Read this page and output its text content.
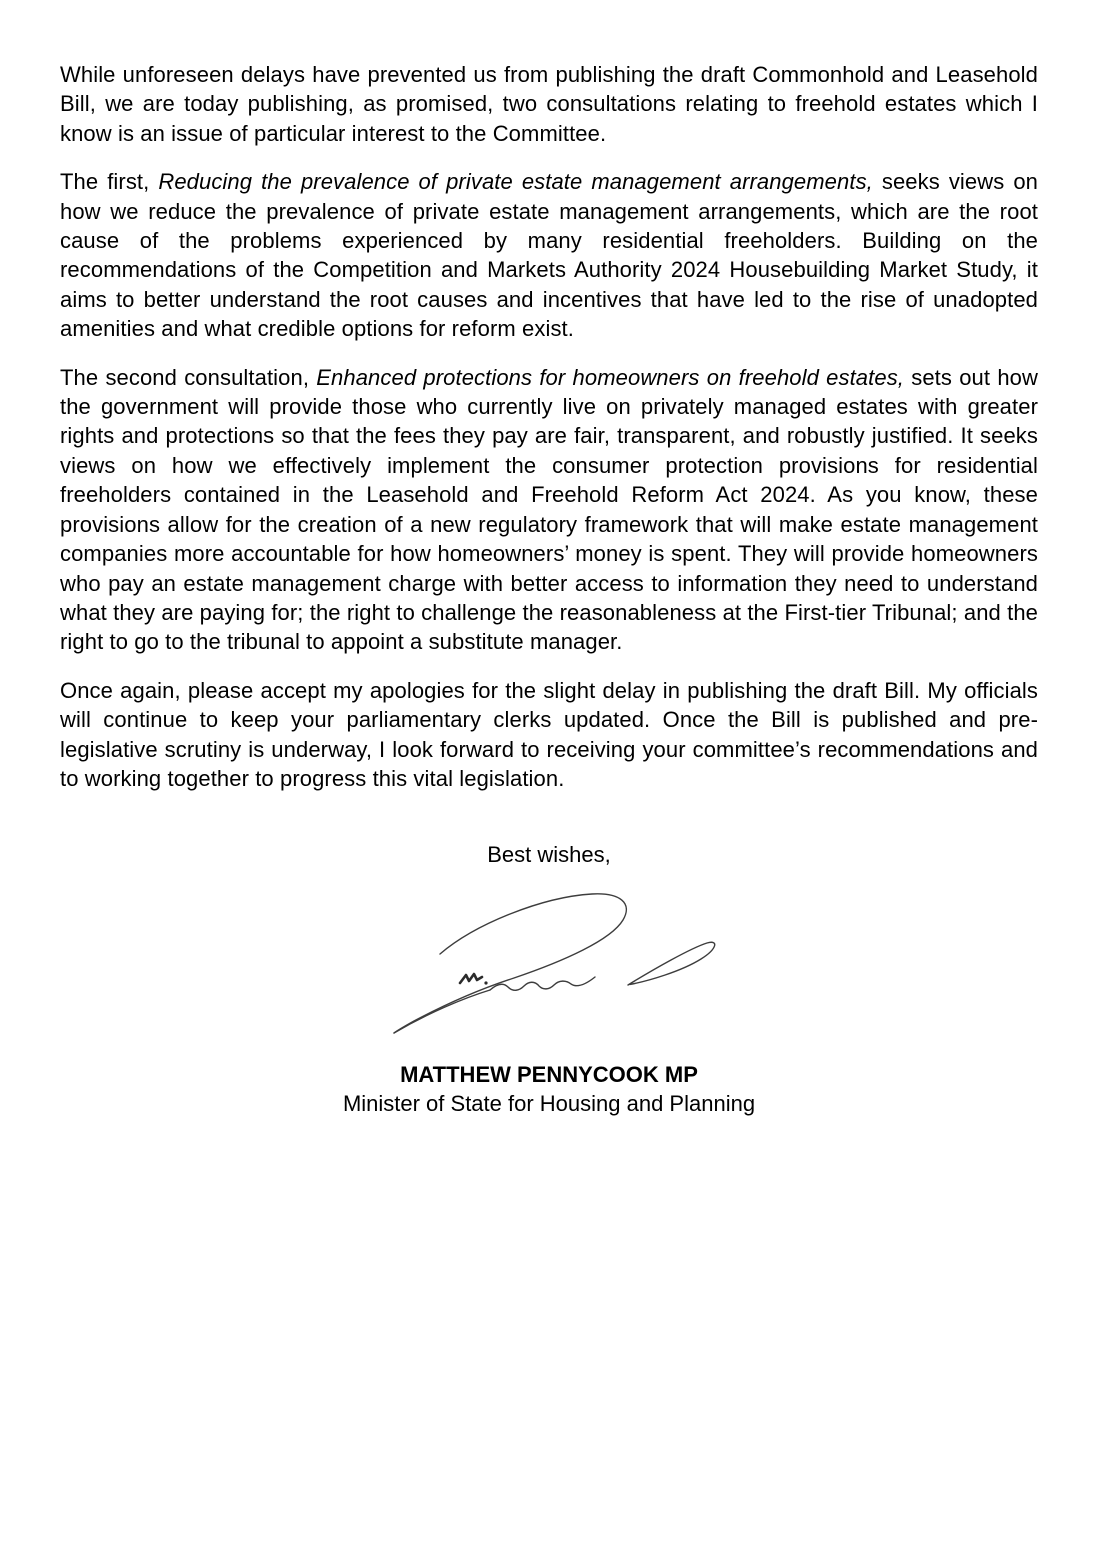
While unforeseen delays have prevented us from publishing the draft Commonhold and Leasehold Bill, we are today publishing, as promised, two consultations relating to freehold estates which I know is an issue of particular interest to the Committee.

The first, Reducing the prevalence of private estate management arrangements, seeks views on how we reduce the prevalence of private estate management arrangements, which are the root cause of the problems experienced by many residential freeholders. Building on the recommendations of the Competition and Markets Authority 2024 Housebuilding Market Study, it aims to better understand the root causes and incentives that have led to the rise of unadopted amenities and what credible options for reform exist.

The second consultation, Enhanced protections for homeowners on freehold estates, sets out how the government will provide those who currently live on privately managed estates with greater rights and protections so that the fees they pay are fair, transparent, and robustly justified. It seeks views on how we effectively implement the consumer protection provisions for residential freeholders contained in the Leasehold and Freehold Reform Act 2024. As you know, these provisions allow for the creation of a new regulatory framework that will make estate management companies more accountable for how homeowners’ money is spent. They will provide homeowners who pay an estate management charge with better access to information they need to understand what they are paying for; the right to challenge the reasonableness at the First-tier Tribunal; and the right to go to the tribunal to appoint a substitute manager.

Once again, please accept my apologies for the slight delay in publishing the draft Bill. My officials will continue to keep your parliamentary clerks updated. Once the Bill is published and pre-legislative scrutiny is underway, I look forward to receiving your committee’s recommendations and to working together to progress this vital legislation.

Best wishes,
MATTHEW PENNYCOOK MP
Minister of State for Housing and Planning
